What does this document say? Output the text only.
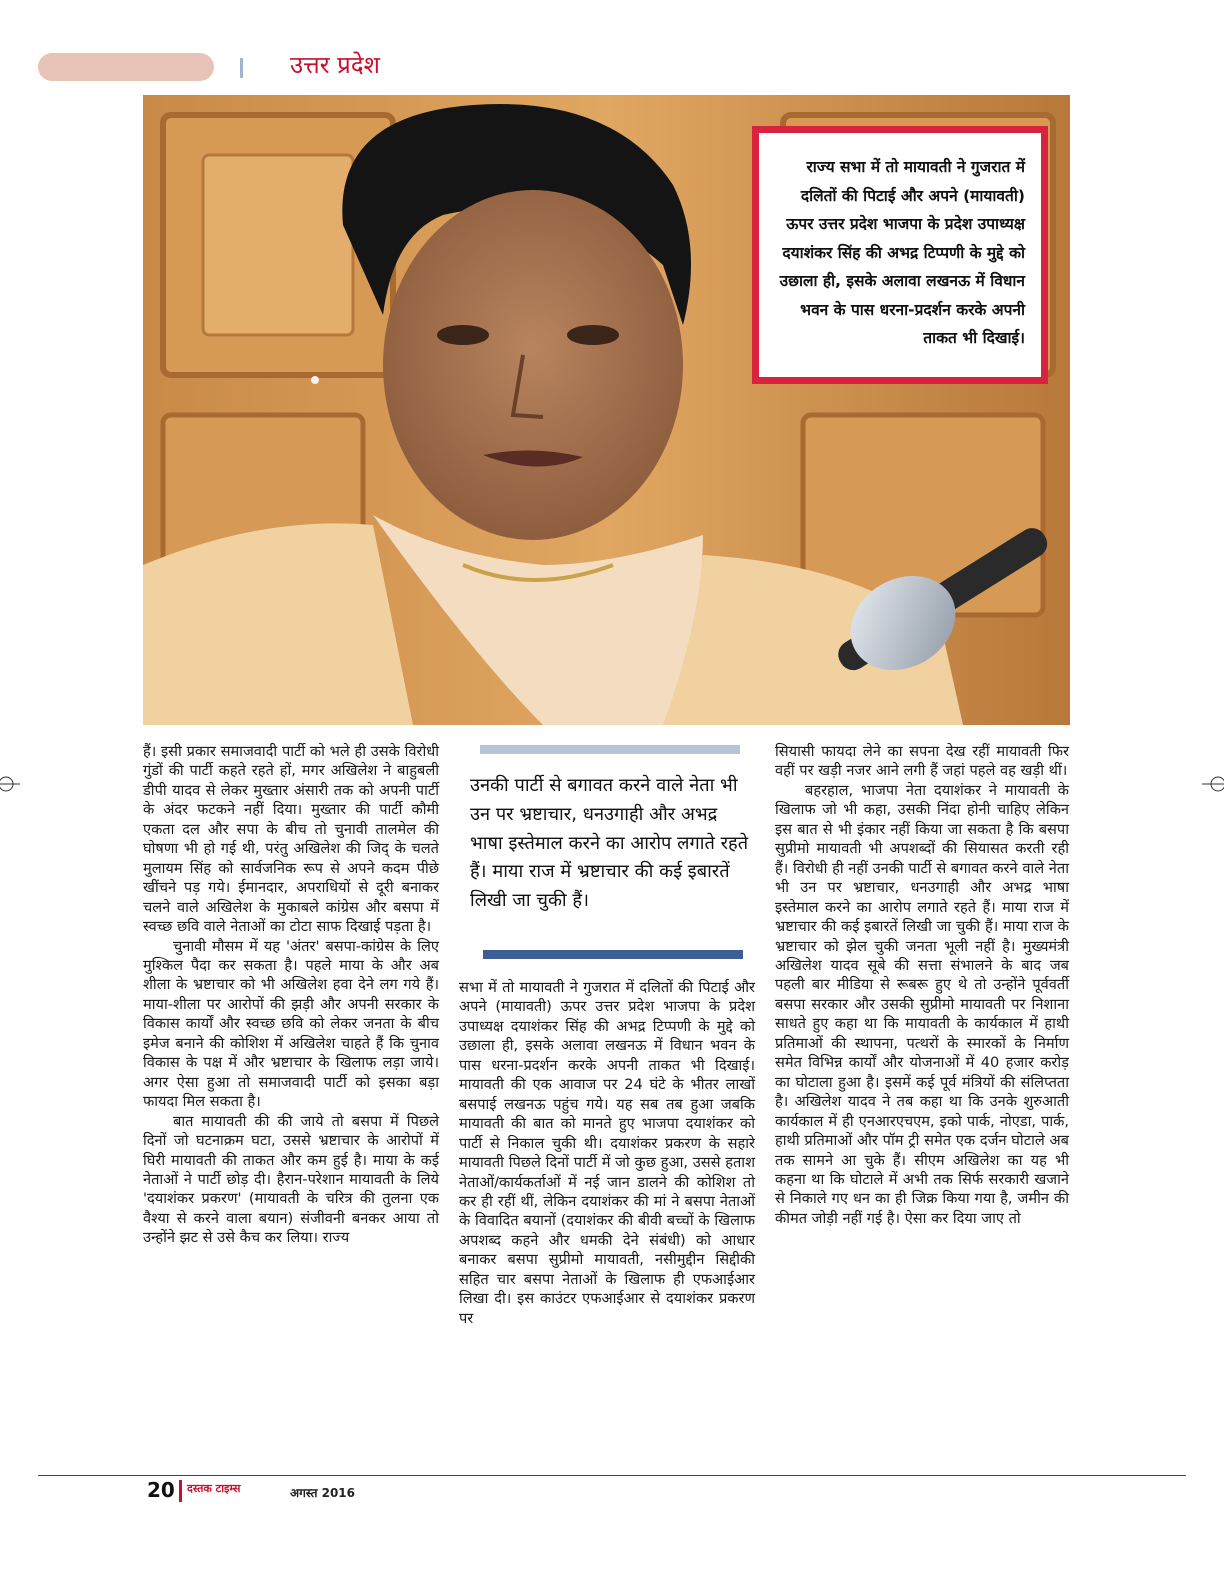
उत्तर प्रदेश

राज्य सभा में तो मायावती ने गुजरात में दलितों की पिटाई और अपने (मायावती) ऊपर उत्तर प्रदेश भाजपा के प्रदेश उपाध्यक्ष दयाशंकर सिंह की अभद्र टिप्पणी के मुद्दे को उछाला ही, इसके अलावा लखनऊ में विधान भवन के पास धरना-प्रदर्शन करके अपनी ताकत भी दिखाई।

हैं। इसी प्रकार समाजवादी पार्टी को भले ही उसके विरोधी गुंडों की पार्टी कहते रहते हों, मगर अखिलेश ने बाहुबली डीपी यादव से लेकर मुख्तार अंसारी तक को अपनी पार्टी के अंदर फटकने नहीं दिया। मुख्तार की पार्टी कौमी एकता दल और सपा के बीच तो चुनावी तालमेल की घोषणा भी हो गई थी, परंतु अखिलेश की जिद् के चलते मुलायम सिंह को सार्वजनिक रूप से अपने कदम पीछे खींचने पड़ गये। ईमानदार, अपराधियों से दूरी बनाकर चलने वाले अखिलेश के मुकाबले कांग्रेस और बसपा में स्वच्छ छवि वाले नेताओं का टोटा साफ दिखाई पड़ता है।

चुनावी मौसम में यह 'अंतर' बसपा-कांग्रेस के लिए मुश्किल पैदा कर सकता है। पहले माया के और अब शीला के भ्रष्टाचार को भी अखिलेश हवा देने लग गये हैं। माया-शीला पर आरोपों की झड़ी और अपनी सरकार के विकास कार्यों और स्वच्छ छवि को लेकर जनता के बीच इमेज बनाने की कोशिश में अखिलेश चाहते हैं कि चुनाव विकास के पक्ष में और भ्रष्टाचार के खिलाफ लड़ा जाये। अगर ऐसा हुआ तो समाजवादी पार्टी को इसका बड़ा फायदा मिल सकता है।

बात मायावती की की जाये तो बसपा में पिछले दिनों जो घटनाक्रम घटा, उससे भ्रष्टाचार के आरोपों में घिरी मायावती की ताकत और कम हुई है। माया के कई नेताओं ने पार्टी छोड़ दी। हैरान-परेशान मायावती के लिये 'दयाशंकर प्रकरण' (मायावती के चरित्र की तुलना एक वैश्या से करने वाला बयान) संजीवनी बनकर आया तो उन्होंने झट से उसे कैच कर लिया। राज्य

उनकी पार्टी से बगावत करने वाले नेता भी उन पर भ्रष्टाचार, धनउगाही और अभद्र भाषा इस्तेमाल करने का आरोप लगाते रहते हैं। माया राज में भ्रष्टाचार की कई इबारतें लिखी जा चुकी हैं।

सभा में तो मायावती ने गुजरात में दलितों की पिटाई और अपने (मायावती) ऊपर उत्तर प्रदेश भाजपा के प्रदेश उपाध्यक्ष दयाशंकर सिंह की अभद्र टिप्पणी के मुद्दे को उछाला ही, इसके अलावा लखनऊ में विधान भवन के पास धरना-प्रदर्शन करके अपनी ताकत भी दिखाई। मायावती की एक आवाज पर 24 घंटे के भीतर लाखों बसपाई लखनऊ पहुंच गये। यह सब तब हुआ जबकि मायावती की बात को मानते हुए भाजपा दयाशंकर को पार्टी से निकाल चुकी थी। दयाशंकर प्रकरण के सहारे मायावती पिछले दिनों पार्टी में जो कुछ हुआ, उससे हताश नेताओं/कार्यकर्ताओं में नई जान डालने की कोशिश तो कर ही रहीं थीं, लेकिन दयाशंकर की मां ने बसपा नेताओं के विवादित बयानों (दयाशंकर की बीवी बच्चों के खिलाफ अपशब्द कहने और धमकी देने संबंधी) को आधार बनाकर बसपा सुप्रीमो मायावती, नसीमुद्दीन सिद्दीकी सहित चार बसपा नेताओं के खिलाफ ही एफआईआर लिखा दी। इस काउंटर एफआईआर से दयाशंकर प्रकरण पर

सियासी फायदा लेने का सपना देख रहीं मायावती फिर वहीं पर खड़ी नजर आने लगी हैं जहां पहले वह खड़ी थीं।

बहरहाल, भाजपा नेता दयाशंकर ने मायावती के खिलाफ जो भी कहा, उसकी निंदा होनी चाहिए लेकिन इस बात से भी इंकार नहीं किया जा सकता है कि बसपा सुप्रीमो मायावती भी अपशब्दों की सियासत करती रही हैं। विरोधी ही नहीं उनकी पार्टी से बगावत करने वाले नेता भी उन पर भ्रष्टाचार, धनउगाही और अभद्र भाषा इस्तेमाल करने का आरोप लगाते रहते हैं। माया राज में भ्रष्टाचार की कई इबारतें लिखी जा चुकी हैं। माया राज के भ्रष्टाचार को झेल चुकी जनता भूली नहीं है। मुख्यमंत्री अखिलेश यादव सूबे की सत्ता संभालने के बाद जब पहली बार मीडिया से रूबरू हुए थे तो उन्होंने पूर्ववर्ती बसपा सरकार और उसकी सुप्रीमो मायावती पर निशाना साधते हुए कहा था कि मायावती के कार्यकाल में हाथी प्रतिमाओं की स्थापना, पत्थरों के स्मारकों के निर्माण समेत विभिन्न कार्यों और योजनाओं में 40 हजार करोड़ का घोटाला हुआ है। इसमें कई पूर्व मंत्रियों की संलिप्तता है। अखिलेश यादव ने तब कहा था कि उनके शुरुआती कार्यकाल में ही एनआरएचएम, इको पार्क, नोएडा, पार्क, हाथी प्रतिमाओं और पॉम ट्री समेत एक दर्जन घोटाले अब तक सामने आ चुके हैं। सीएम अखिलेश का यह भी कहना था कि घोटाले में अभी तक सिर्फ सरकारी खजाने से निकाले गए धन का ही जिक्र किया गया है, जमीन की कीमत जोड़ी नहीं गई है। ऐसा कर दिया जाए तो

20 दस्तक टाइम्स	अगस्त 2016
